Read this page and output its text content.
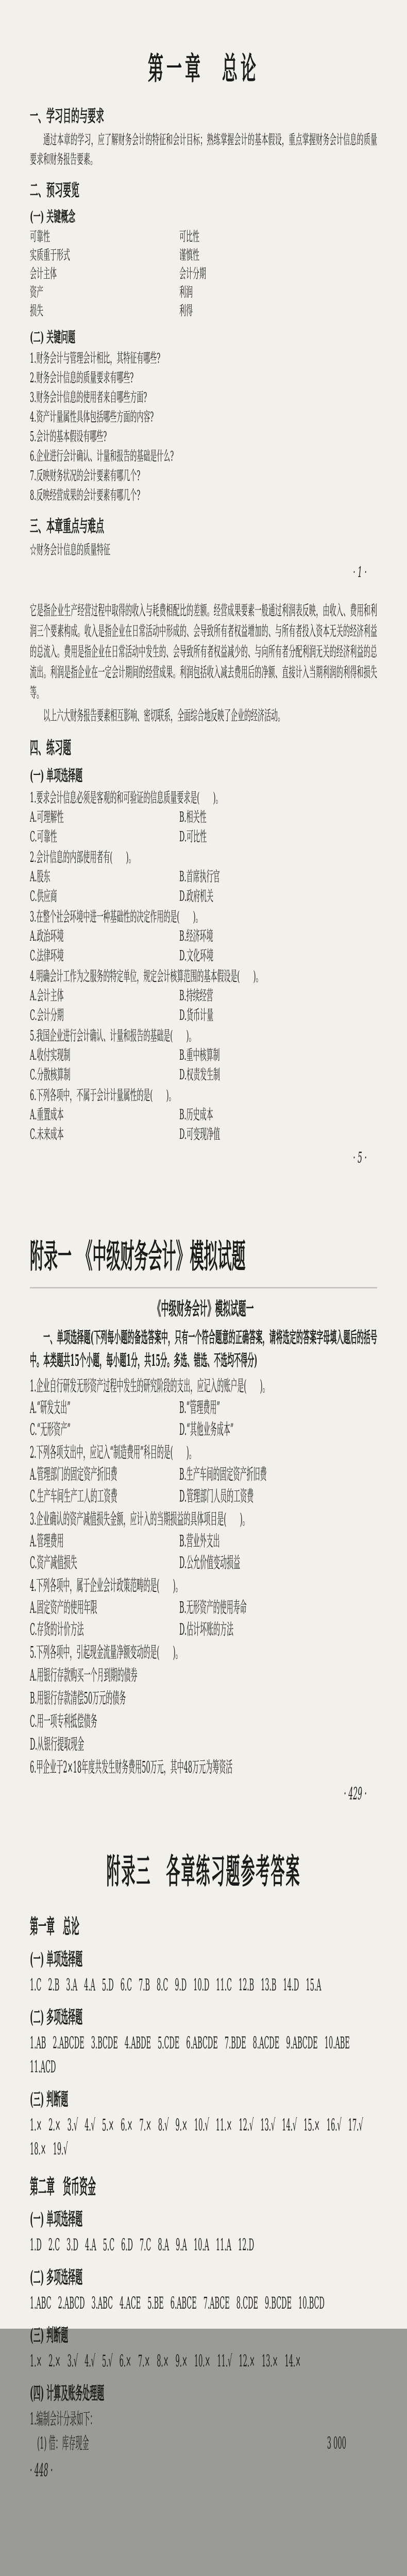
第一章　总论
一、学习目的与要求

通过本章的学习，应了解财务会计的特征和会计目标；熟练掌握会计的基本假设，重点掌握财务会计信息的质量要求和财务报告要素。

二、预习要览
(一) 关键概念
可靠性	可比性
实质重于形式	谨慎性
会计主体	会计分期
资产	利润
损失	利得
(二) 关键问题
1.财务会计与管理会计相比，其特征有哪些?
2.财务会计信息的质量要求有哪些?
3.财务会计信息的使用者来自哪些方面?
4.资产计量属性具体包括哪些方面的内容?
5.会计的基本假设有哪些?
6.企业进行会计确认、计量和报告的基础是什么?
7.反映财务状况的会计要素有哪几个?
8.反映经营成果的会计要素有哪几个?
三、本章重点与难点
☆财务会计信息的质量特征
· 1 ·

它是指企业生产经营过程中取得的收入与耗费相配比的差额。经营成果要素一般通过利润表反映，由收入、费用和利润三个要素构成。收入是指企业在日常活动中形成的、会导致所有者权益增加的、与所有者投入资本无关的经济利益的总流入。费用是指企业在日常活动中发生的、会导致所有者权益减少的、与向所有者分配利润无关的经济利益的总流出。利润是指企业在一定会计期间的经营成果。利润包括收入减去费用后的净额、直接计入当期利润的利得和损失等。

以上六大财务报告要素相互影响、密切联系，全面综合地反映了企业的经济活动。

四、练习题
(一) 单项选择题
1.要求会计信息必须是客观的和可验证的信息质量要求是(　　)。
A.可理解性	B.相关性
C.可靠性	D.可比性
2.会计信息的内部使用者有(　　)。
A.股东	B.首席执行官
C.供应商	D.政府机关
3.在整个社会环境中进一种基础性的决定作用的是(　　)。
A.政治环境	B.经济环境
C.法律环境	D.文化环境
4.明确会计工作为之服务的特定单位，规定会计核算范围的基本假设是(　　)。
A.会计主体	B.持续经营
C.会计分期	D.货币计量
5.我国企业进行会计确认、计量和报告的基础是(　　)。
A.收付实现制	B.重中核算制
C.分散核算制	D.权责发生制
6.下列各项中，不属于会计计量属性的是(　　)。
A.重置成本	B.历史成本
C.未来成本	D.可变现净值
· 5 ·
附录一　《中级财务会计》模拟试题
《中级财务会计》模拟试题一

一、单项选择题(下列每小题的备选答案中，只有一个符合题意的正确答案，请将选定的答案字母填入题后的括号中。本类题共15个小题，每小题1分，共15分。多选、错选、不选均不得分)

1.企业自行研发无形资产过程中发生的研究阶段的支出，应记入的账户是(　　)。
A.“研发支出”	B.“管理费用”
C.“无形资产”	D.“其他业务成本”
2.下列各项支出中，应记入“制造费用”科目的是(　　)。
A.管理部门的固定资产折旧费	B.生产车间的固定资产折旧费
C.生产车间生产工人的工资费	D.管理部门人员的工资费
3.企业确认的资产减值损失金额，应计入的当期损益的具体项目是(　　)。
A.管理费用	B.营业外支出
C.资产减值损失	D.公允价值变动损益
4.下列各项中，属于企业会计政策范畴的是(　　)。
A.固定资产的使用年限	B.无形资产的使用寿命
C.存货的计价方法	D.估计坏账的方法
5.下列各项中，引起现金流量净额变动的是(　　)。
A.用银行存款购买一个月到期的债券
B.用银行存款清偿50万元的债务
C.用一项专利抵偿债务
D.从银行提取现金
6.甲企业于2×18年度共发生财务费用50万元，其中48万元为筹资活
· 429 ·
附录三　各章练习题参考答案
第一章　总论
(一) 单项选择题
1.C　2.B　3.A　4.A　5.D　6.C　7.B　8.C　9.D　10.D　11.C　12.B　13.B　14.D　15.A
(二) 多项选择题
1.AB　2.ABCDE　3.BCDE　4.ABDE　5.CDE　6.ABCDE　7.BDE　8.ACDE　9.ABCDE　10.ABE　11.ACD
(三) 判断题
1.×　2.×　3.√　4.√　5.×　6.×　7.×　8.√　9.×　10.√　11.×　12.√　13.√　14.√　15.×　16.√　17.√　18.×　19.√
第二章　货币资金
(一) 单项选择题
1.D　2.C　3.D　4.A　5.C　6.D　7.C　8.A　9.A　10.A　11.A　12.D
(二) 多项选择题
1.ABC　2.ABCD　3.ABC　4.ACE　5.BE　6.ABCE　7.ABCE　8.CDE　9.BCDE　10.BCD
(三) 判断题
1.×　2.×　3.√　4.√　5.√　6.×　7.×　8.×　9.×　10.×　11.√　12.×　13.×　14.×
(四) 计算及账务处理题
1.编制会计分录如下：
(1) 借：库存现金	3 000
· 448 ·
